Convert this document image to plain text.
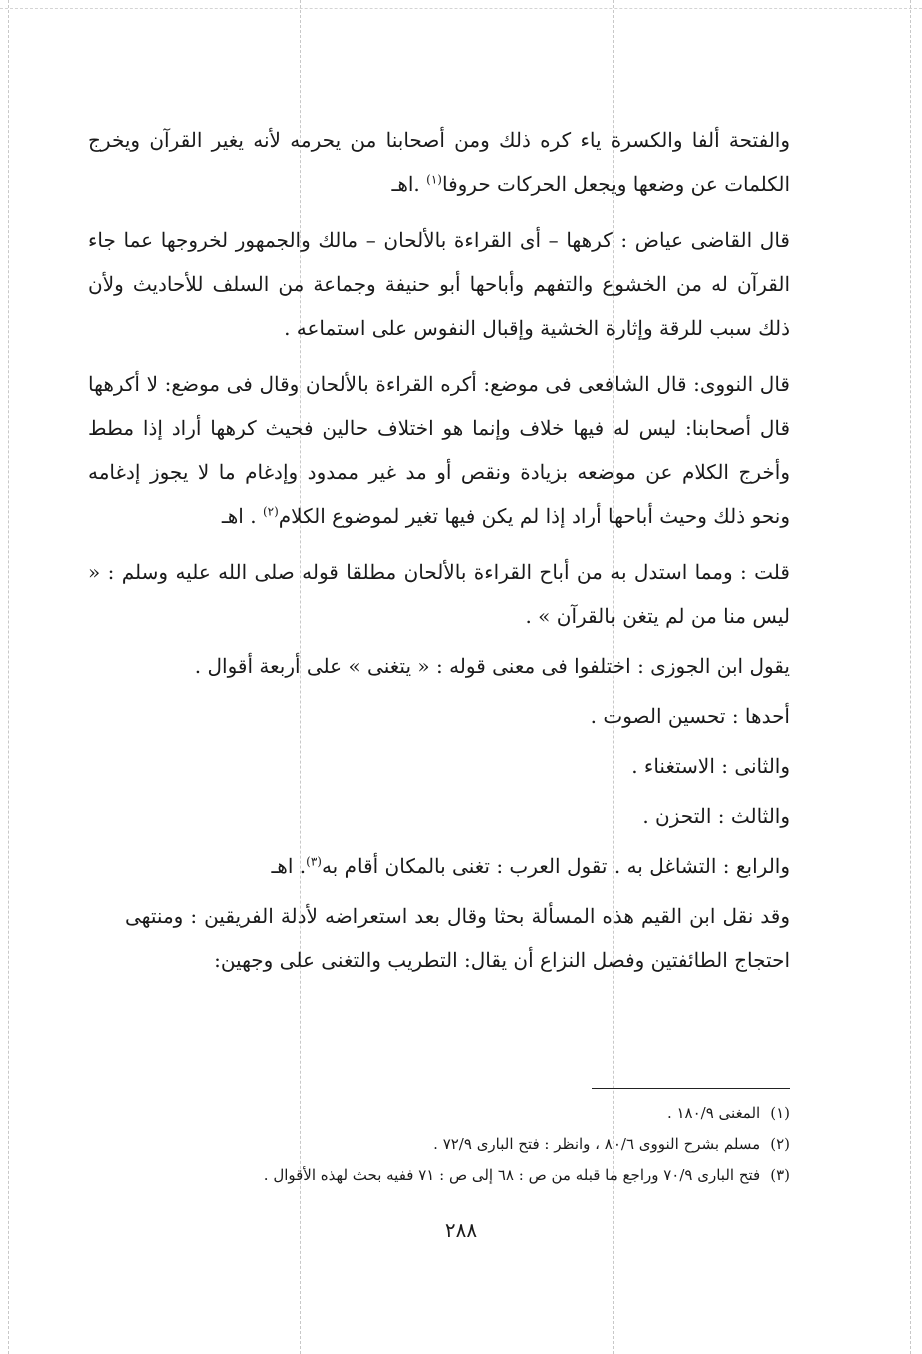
والفتحة ألفا والكسرة ياء كره ذلك ومن أصحابنا من يحرمه لأنه يغير القرآن ويخرج الكلمات عن وضعها ويجعل الحركات حروفا$^{(١)}$ .اهـ

قال القاضى عياض : كرهها – أى القراءة بالألحان – مالك والجمهور لخروجها عما جاء القرآن له من الخشوع والتفهم وأباحها أبو حنيفة وجماعة من السلف للأحاديث ولأن ذلك سبب للرقة وإثارة الخشية وإقبال النفوس على استماعه .

قال النووى: قال الشافعى فى موضع: أكره القراءة بالألحان وقال فى موضع: لا أكرهها قال أصحابنا: ليس له فيها خلاف وإنما هو اختلاف حالين فحيث كرهها أراد إذا مطط وأخرج الكلام عن موضعه بزيادة ونقص أو مد غير ممدود وإدغام ما لا يجوز إدغامه ونحو ذلك وحيث أباحها أراد إذا لم يكن فيها تغير لموضوع الكلام$^{(٢)}$ . اهـ

قلت : ومما استدل به من أباح القراءة بالألحان مطلقا قوله صلى الله عليه وسلم : « ليس منا من لم يتغن بالقرآن » .

يقول ابن الجوزى : اختلفوا فى معنى قوله : « يتغنى » على أربعة أقوال .

أحدها : تحسين الصوت .

والثانى : الاستغناء .

والثالث : التحزن .

والرابع : التشاغل به . تقول العرب : تغنى بالمكان أقام به$^{(٣)}$. اهـ

وقد نقل ابن القيم هذه المسألة بحثا وقال بعد استعراضه لأدلة الفريقين : ومنتهى احتجاج الطائفتين وفصل النزاع أن يقال: التطريب والتغنى على وجهين:

(١)المغنى ١٨٠/٩ .
(٢)مسلم بشرح النووى ٨٠/٦ ، وانظر : فتح البارى ٧٢/٩ .
(٣)فتح البارى ٧٠/٩ وراجع ما قبله من ص : ٦٨ إلى ص : ٧١ ففيه بحث لهذه الأقوال .
٢٨٨
